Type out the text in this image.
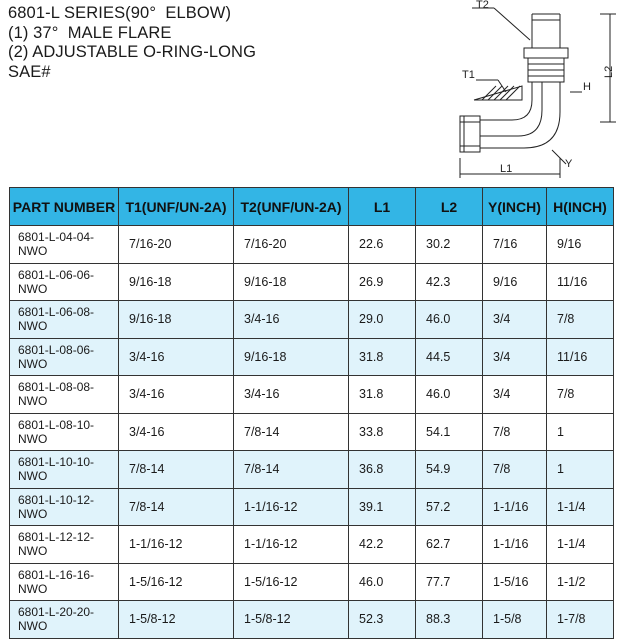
6801-L SERIES(90°  ELBOW)
(1) 37°  MALE FLARE
(2) ADJUSTABLE O-RING-LONG
SAE#
T2
T1	L2
H
Y
L1
PART NUMBER	T1(UNF/UN-2A)	T2(UNF/UN-2A)	L1	L2	Y(INCH)	H(INCH)
6801-L-04-04-NWO	7/16-20	7/16-20	22.6	30.2	7/16	9/16
6801-L-06-06-NWO	9/16-18	9/16-18	26.9	42.3	9/16	11/16
6801-L-06-08-NWO	9/16-18	3/4-16	29.0	46.0	3/4	7/8
6801-L-08-06-NWO	3/4-16	9/16-18	31.8	44.5	3/4	11/16
6801-L-08-08-NWO	3/4-16	3/4-16	31.8	46.0	3/4	7/8
6801-L-08-10-NWO	3/4-16	7/8-14	33.8	54.1	7/8	1
6801-L-10-10-NWO	7/8-14	7/8-14	36.8	54.9	7/8	1
6801-L-10-12-NWO	7/8-14	1-1/16-12	39.1	57.2	1-1/16	1-1/4
6801-L-12-12-NWO	1-1/16-12	1-1/16-12	42.2	62.7	1-1/16	1-1/4
6801-L-16-16-NWO	1-5/16-12	1-5/16-12	46.0	77.7	1-5/16	1-1/2
6801-L-20-20-NWO	1-5/8-12	1-5/8-12	52.3	88.3	1-5/8	1-7/8
